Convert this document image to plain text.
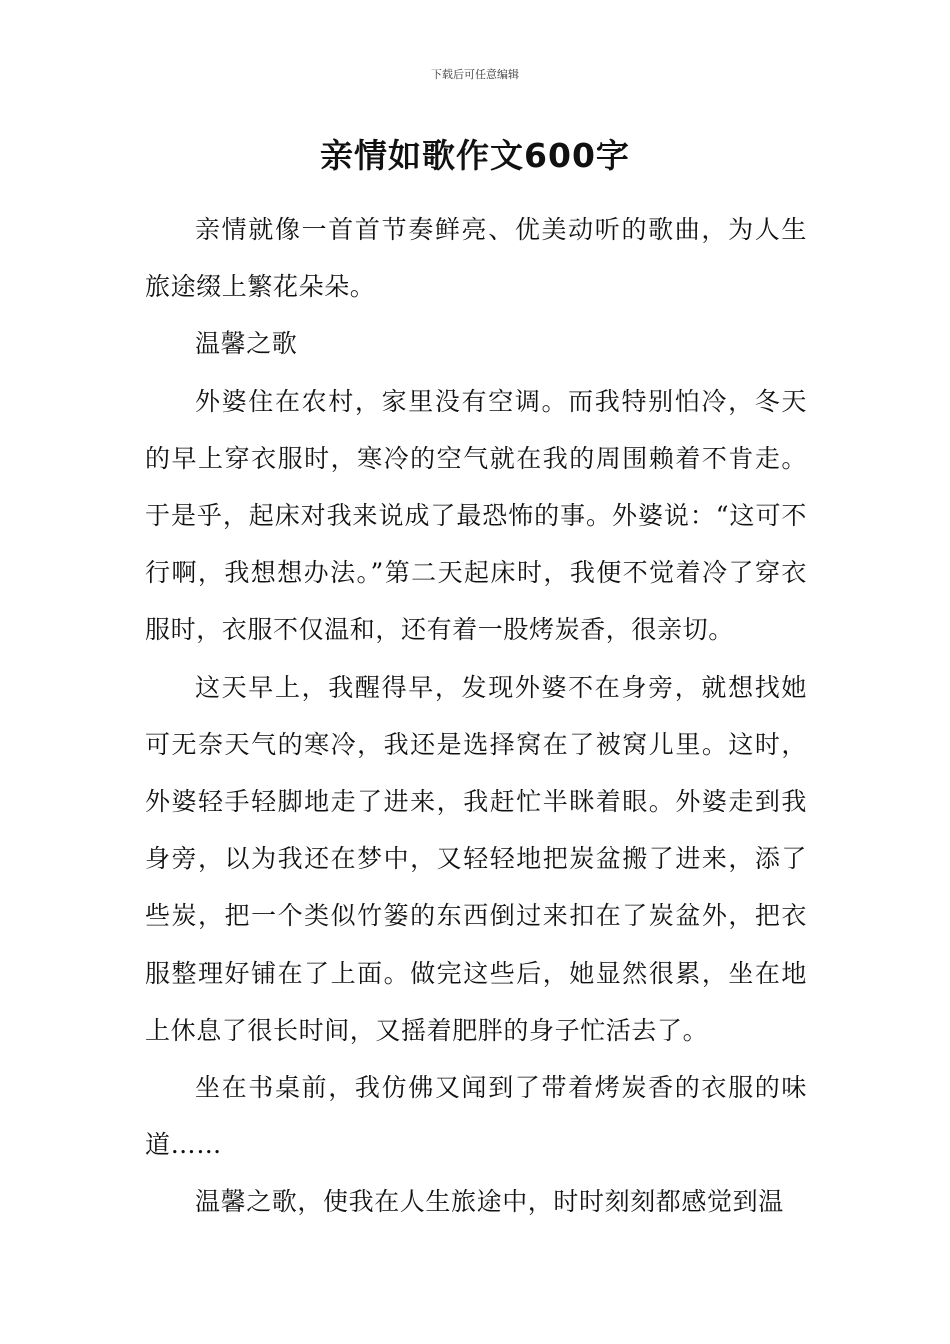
下载后可任意编辑
亲情如歌作文600字

亲情就像一首首节奏鲜亮、优美动听的歌曲，为人生旅途缀上繁花朵朵。

温馨之歌

外婆住在农村，家里没有空调。而我特别怕冷，冬天的早上穿衣服时，寒冷的空气就在我的周围赖着不肯走。于是乎，起床对我来说成了最恐怖的事。外婆说：“这可不行啊，我想想办法。”第二天起床时，我便不觉着冷了穿衣服时，衣服不仅温和，还有着一股烤炭香，很亲切。

这天早上，我醒得早，发现外婆不在身旁，就想找她可无奈天气的寒冷，我还是选择窝在了被窝儿里。这时，外婆轻手轻脚地走了进来，我赶忙半眯着眼。外婆走到我身旁，以为我还在梦中，又轻轻地把炭盆搬了进来，添了些炭，把一个类似竹篓的东西倒过来扣在了炭盆外，把衣服整理好铺在了上面。做完这些后，她显然很累，坐在地上休息了很长时间，又摇着肥胖的身子忙活去了。

坐在书桌前，我仿佛又闻到了带着烤炭香的衣服的味道……

温馨之歌，使我在人生旅途中，时时刻刻都感觉到温
